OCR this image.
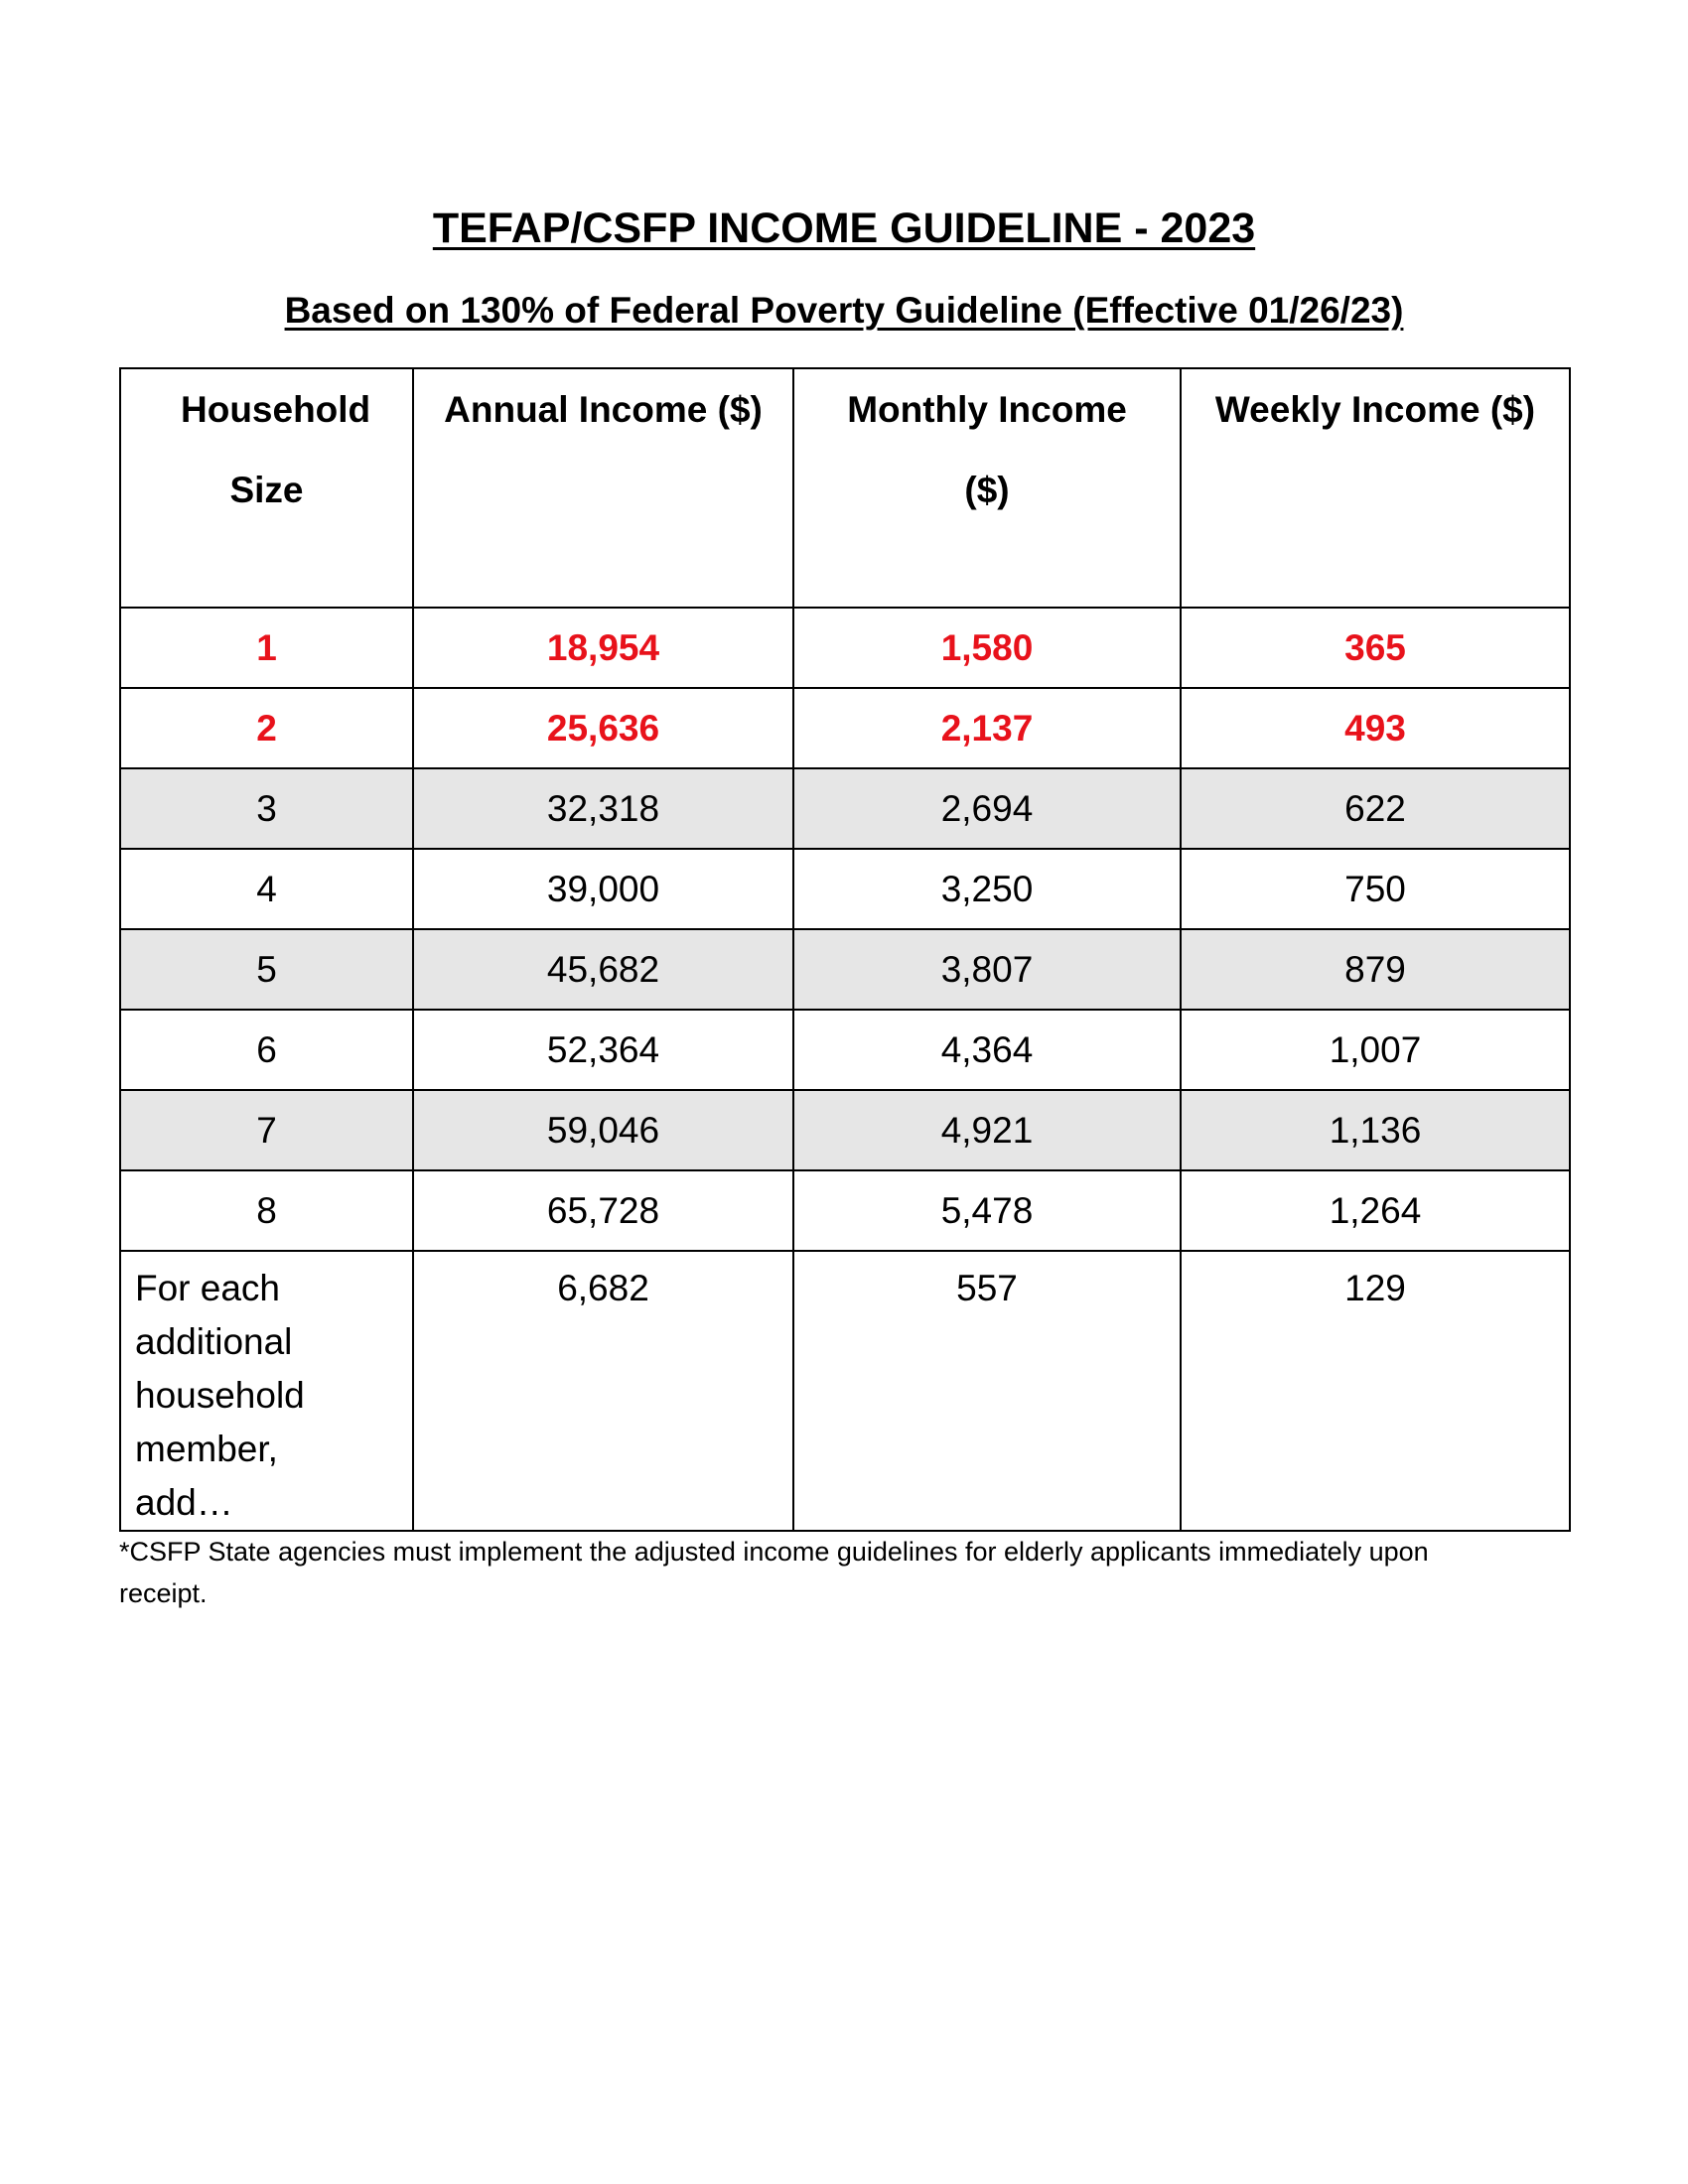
TEFAP/CSFP INCOME GUIDELINE - 2023
Based on 130% of Federal Poverty Guideline (Effective 01/26/23)
Household Size	Annual Income ($)	Monthly Income ($)	Weekly Income ($)
1	18,954	1,580	365
2	25,636	2,137	493
3	32,318	2,694	622
4	39,000	3,250	750
5	45,682	3,807	879
6	52,364	4,364	1,007
7	59,046	4,921	1,136
8	65,728	5,478	1,264

For each additional household member, add…	6,682	557	129

*CSFP State agencies must implement the adjusted income guidelines for elderly applicants immediately upon receipt.
